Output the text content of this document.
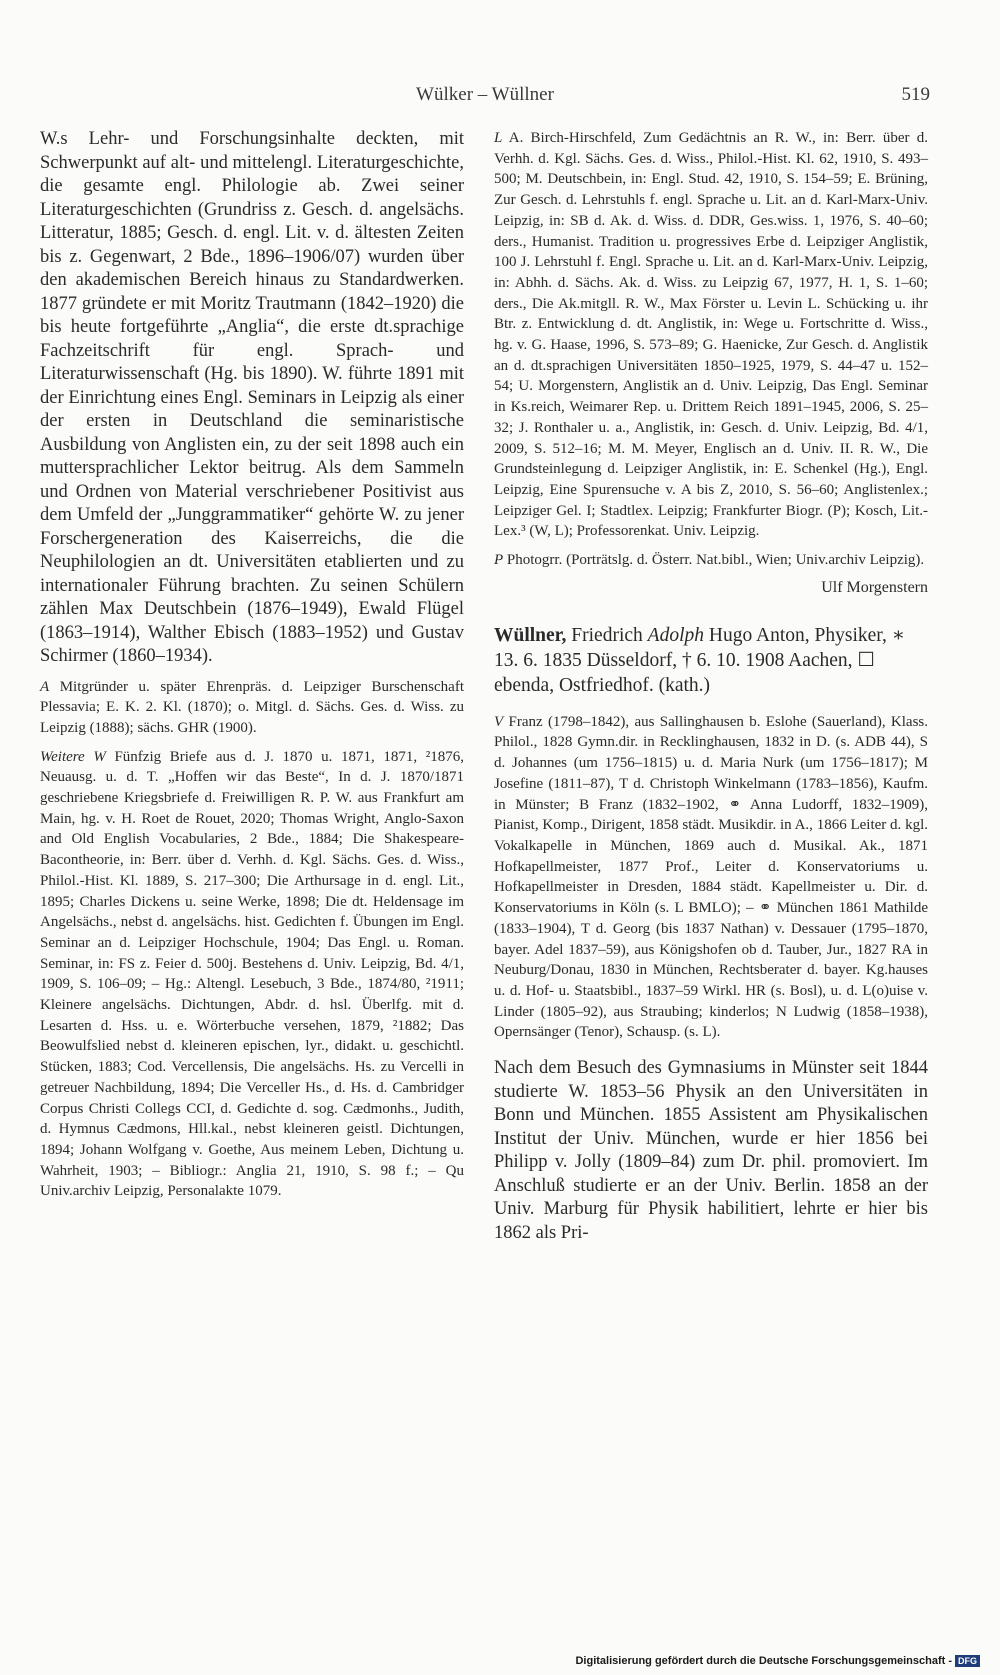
Wülker – Wüllner	519

W.s Lehr- und Forschungsinhalte deckten, mit Schwerpunkt auf alt- und mittelengl. Literaturgeschichte, die gesamte engl. Philologie ab. Zwei seiner Literaturgeschichten (Grundriss z. Gesch. d. angelsächs. Litteratur, 1885; Gesch. d. engl. Lit. v. d. ältesten Zeiten bis z. Gegenwart, 2 Bde., 1896–1906/07) wurden über den akademischen Bereich hinaus zu Standardwerken. 1877 gründete er mit Moritz Trautmann (1842–1920) die bis heute fortgeführte „Anglia“, die erste dt.sprachige Fachzeitschrift für engl. Sprach- und Literaturwissenschaft (Hg. bis 1890). W. führte 1891 mit der Einrichtung eines Engl. Seminars in Leipzig als einer der ersten in Deutschland die seminaristische Ausbildung von Anglisten ein, zu der seit 1898 auch ein muttersprachlicher Lektor beitrug. Als dem Sammeln und Ordnen von Material verschriebener Positivist aus dem Umfeld der „Junggrammatiker“ gehörte W. zu jener Forschergeneration des Kaiserreichs, die die Neuphilologien an dt. Universitäten etablierten und zu internationaler Führung brachten. Zu seinen Schülern zählen Max Deutschbein (1876–1949), Ewald Flügel (1863–1914), Walther Ebisch (1883–1952) und Gustav Schirmer (1860–1934).

A Mitgründer u. später Ehrenpräs. d. Leipziger Burschenschaft Plessavia; E. K. 2. Kl. (1870); o. Mitgl. d. Sächs. Ges. d. Wiss. zu Leipzig (1888); sächs. GHR (1900).

Weitere W Fünfzig Briefe aus d. J. 1870 u. 1871, 1871, ²1876, Neuausg. u. d. T. „Hoffen wir das Beste“, In d. J. 1870/1871 geschriebene Kriegsbriefe d. Freiwilligen R. P. W. aus Frankfurt am Main, hg. v. H. Roet de Rouet, 2020; Thomas Wright, Anglo-Saxon and Old English Vocabularies, 2 Bde., 1884; Die Shakespeare-Bacontheorie, in: Berr. über d. Verhh. d. Kgl. Sächs. Ges. d. Wiss., Philol.-Hist. Kl. 1889, S. 217–300; Die Arthursage in d. engl. Lit., 1895; Charles Dickens u. seine Werke, 1898; Die dt. Heldensage im Angelsächs., nebst d. angelsächs. hist. Gedichten f. Übungen im Engl. Seminar an d. Leipziger Hochschule, 1904; Das Engl. u. Roman. Seminar, in: FS z. Feier d. 500j. Bestehens d. Univ. Leipzig, Bd. 4/1, 1909, S. 106–09; – Hg.: Altengl. Lesebuch, 3 Bde., 1874/80, ²1911; Kleinere angelsächs. Dichtungen, Abdr. d. hsl. Überlfg. mit d. Lesarten d. Hss. u. e. Wörterbuche versehen, 1879, ²1882; Das Beowulfslied nebst d. kleineren epischen, lyr., didakt. u. geschichtl. Stücken, 1883; Cod. Vercellensis, Die angelsächs. Hs. zu Vercelli in getreuer Nachbildung, 1894; Die Verceller Hs., d. Hs. d. Cambridger Corpus Christi Collegs CCI, d. Gedichte d. sog. Cædmonhs., Judith, d. Hymnus Cædmons, Hll.kal., nebst kleineren geistl. Dichtungen, 1894; Johann Wolfgang v. Goethe, Aus meinem Leben, Dichtung u. Wahrheit, 1903; – Bibliogr.: Anglia 21, 1910, S. 98 f.; – Qu Univ.archiv Leipzig, Personalakte 1079.

L A. Birch-Hirschfeld, Zum Gedächtnis an R. W., in: Berr. über d. Verhh. d. Kgl. Sächs. Ges. d. Wiss., Philol.-Hist. Kl. 62, 1910, S. 493–500; M. Deutschbein, in: Engl. Stud. 42, 1910, S. 154–59; E. Brüning, Zur Gesch. d. Lehrstuhls f. engl. Sprache u. Lit. an d. Karl-Marx-Univ. Leipzig, in: SB d. Ak. d. Wiss. d. DDR, Ges.wiss. 1, 1976, S. 40–60; ders., Humanist. Tradition u. progressives Erbe d. Leipziger Anglistik, 100 J. Lehrstuhl f. Engl. Sprache u. Lit. an d. Karl-Marx-Univ. Leipzig, in: Abhh. d. Sächs. Ak. d. Wiss. zu Leipzig 67, 1977, H. 1, S. 1–60; ders., Die Ak.mitgll. R. W., Max Förster u. Levin L. Schücking u. ihr Btr. z. Entwicklung d. dt. Anglistik, in: Wege u. Fortschritte d. Wiss., hg. v. G. Haase, 1996, S. 573–89; G. Haenicke, Zur Gesch. d. Anglistik an d. dt.sprachigen Universitäten 1850–1925, 1979, S. 44–47 u. 152–54; U. Morgenstern, Anglistik an d. Univ. Leipzig, Das Engl. Seminar in Ks.reich, Weimarer Rep. u. Drittem Reich 1891–1945, 2006, S. 25–32; J. Ronthaler u. a., Anglistik, in: Gesch. d. Univ. Leipzig, Bd. 4/1, 2009, S. 512–16; M. M. Meyer, Englisch an d. Univ. II. R. W., Die Grundsteinlegung d. Leipziger Anglistik, in: E. Schenkel (Hg.), Engl. Leipzig, Eine Spurensuche v. A bis Z, 2010, S. 56–60; Anglistenlex.; Leipziger Gel. I; Stadtlex. Leipzig; Frankfurter Biogr. (P); Kosch, Lit.-Lex.³ (W, L); Professorenkat. Univ. Leipzig.

P Photogrr. (Porträtslg. d. Österr. Nat.bibl., Wien; Univ.archiv Leipzig).

Ulf Morgenstern

Wüllner, Friedrich Adolph Hugo Anton, Physiker, ∗ 13. 6. 1835 Düsseldorf, † 6. 10. 1908 Aachen, ☐ ebenda, Ostfriedhof. (kath.)

V Franz (1798–1842), aus Sallinghausen b. Eslohe (Sauerland), Klass. Philol., 1828 Gymn.dir. in Recklinghausen, 1832 in D. (s. ADB 44), S d. Johannes (um 1756–1815) u. d. Maria Nurk (um 1756–1817); M Josefine (1811–87), T d. Christoph Winkelmann (1783–1856), Kaufm. in Münster; B Franz (1832–1902, ⚭ Anna Ludorff, 1832–1909), Pianist, Komp., Dirigent, 1858 städt. Musikdir. in A., 1866 Leiter d. kgl. Vokalkapelle in München, 1869 auch d. Musikal. Ak., 1871 Hofkapellmeister, 1877 Prof., Leiter d. Konservatoriums u. Hofkapellmeister in Dresden, 1884 städt. Kapellmeister u. Dir. d. Konservatoriums in Köln (s. L BMLO); – ⚭ München 1861 Mathilde (1833–1904), T d. Georg (bis 1837 Nathan) v. Dessauer (1795–1870, bayer. Adel 1837–59), aus Königshofen ob d. Tauber, Jur., 1827 RA in Neuburg/Donau, 1830 in München, Rechtsberater d. bayer. Kg.hauses u. d. Hof- u. Staatsbibl., 1837–59 Wirkl. HR (s. Bosl), u. d. L(o)uise v. Linder (1805–92), aus Straubing; kinderlos; N Ludwig (1858–1938), Opernsänger (Tenor), Schausp. (s. L).

Nach dem Besuch des Gymnasiums in Münster seit 1844 studierte W. 1853–56 Physik an den Universitäten in Bonn und München. 1855 Assistent am Physikalischen Institut der Univ. München, wurde er hier 1856 bei Philipp v. Jolly (1809–84) zum Dr. phil. promoviert. Im Anschluß studierte er an der Univ. Berlin. 1858 an der Univ. Marburg für Physik habilitiert, lehrte er hier bis 1862 als Pri-

Digitalisierung gefördert durch die Deutsche Forschungsgemeinschaft - DFG
